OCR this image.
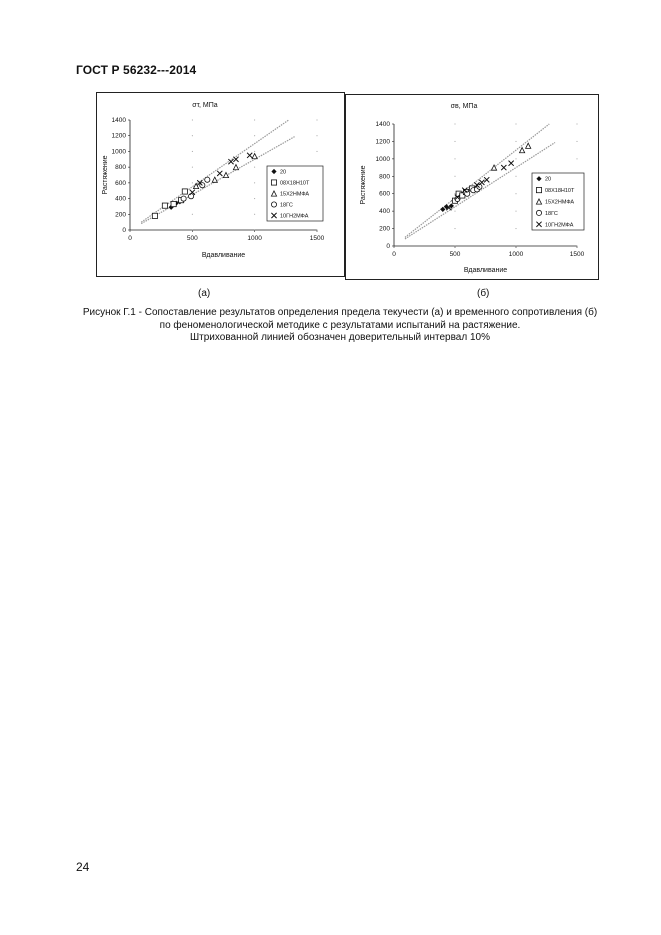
ГОСТ Р 56232---2014
σт, МПа
0
200
400
600
800
1000
1200
1400
0	500	1000	1500
Вдавливание
Растяжение	20
08Х18Н10Т
15Х2НМФА
18ГС
10ГН2МФА
σв, МПа
0
200
400
600
800
1000
1200
1400
0	500	1000	1500
Вдавливание
Растяжение	20
08Х18Н10Т
15Х2НМФА
18ГС
10ГН2МФА
(а)	(б)
Рисунок Г.1 - Сопоставление результатов определения предела текучести (а) и временного сопротивления (б)
по феноменологической методике с результатами испытаний на растяжение.
Штрихованной линией обозначен доверительный интервал 10%
24
